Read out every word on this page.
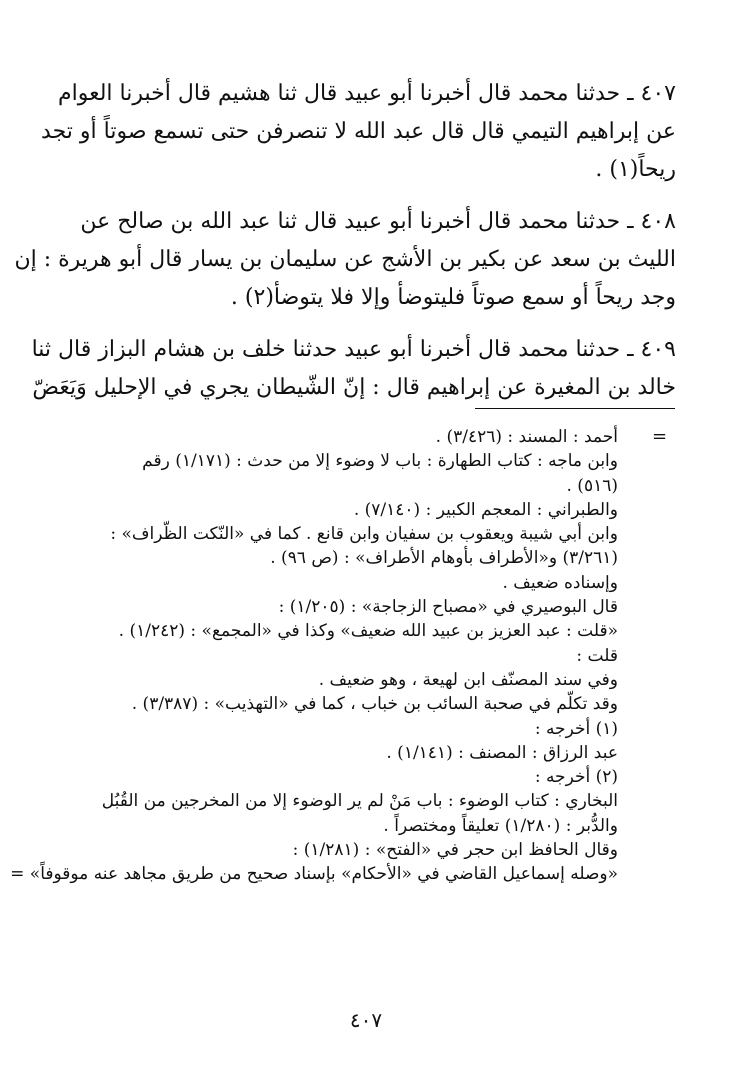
٤٠٧ ـ حدثنا محمد قال أخبرنا أبو عبيد قال ثنا هشيم قال أخبرنا العوام

عن إبراهيم التيمي قال قال عبد الله لا تنصرفن حتى تسمع صوتاً أو تجد

ريحاً(١) .

٤٠٨ ـ حدثنا محمد قال أخبرنا أبو عبيد قال ثنا عبد الله بن صالح عن

الليث بن سعد عن بكير بن الأشج عن سليمان بن يسار قال أبو هريرة : إن

وجد ريحاً أو سمع صوتاً فليتوضأ وإلا فلا يتوضأ(٢) .

٤٠٩ ـ حدثنا محمد قال أخبرنا أبو عبيد حدثنا خلف بن هشام البزاز قال ثنا

خالد بن المغيرة عن إبراهيم قال : إنّ الشّيطان يجري في الإحليل وَيَعَضّ

=

أحمد : المسند : (٣/٤٢٦) .

وابن ماجه : كتاب الطهارة : باب لا وضوء إلا من حدث : (١/١٧١) رقم

(٥١٦) .

والطبراني : المعجم الكبير : (٧/١٤٠) .

وابن أبي شيبة ويعقوب بن سفيان وابن قانع . كما في «النّكت الظّراف» :

(٣/٢٦١) و«الأطراف بأوهام الأطراف» : (ص ٩٦) .

وإسناده ضعيف .

قال البوصيري في «مصباح الزجاجة» : (١/٢٠٥) :

«قلت : عبد العزيز بن عبيد الله ضعيف» وكذا في «المجمع» : (١/٢٤٢) .

قلت :

وفي سند المصنّف ابن لهيعة ، وهو ضعيف .

وقد تكلّم في صحبة السائب بن خباب ، كما في «التهذيب» : (٣/٣٨٧) .

(١) أخرجه :

عبد الرزاق : المصنف : (١/١٤١) .

(٢) أخرجه :

البخاري : كتاب الوضوء : باب مَنْ لم ير الوضوء إلا من المخرجين من القُبُل

والدُّبر : (١/٢٨٠) تعليقاً ومختصراً .

وقال الحافظ ابن حجر في «الفتح» : (١/٢٨١) :

«وصله إسماعيل القاضي في «الأحكام» بإسناد صحيح من طريق مجاهد عنه موقوفاً» =

٤٠٧
